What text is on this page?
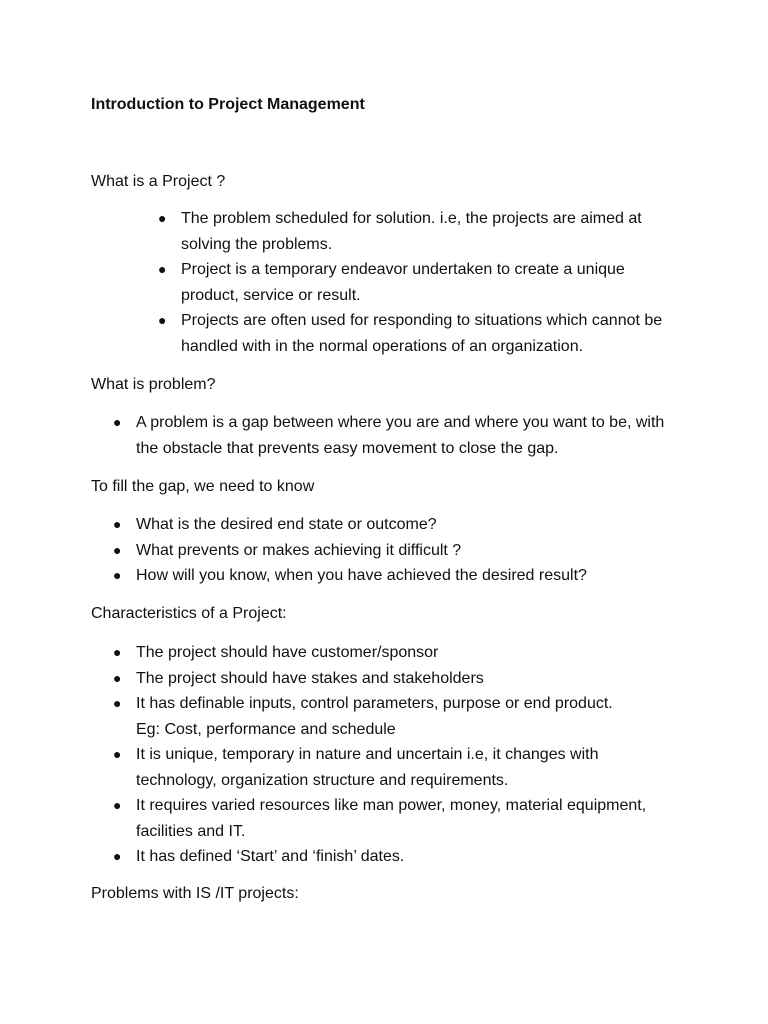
Introduction to Project Management

What is a Project ?

● The problem scheduled for solution. i.e, the projects are aimed at
solving the problems.
● Project is a temporary endeavor undertaken to create a unique
product, service or result.
● Projects are often used for responding to situations which cannot be
handled with in the normal operations of an organization.

What is problem?

● A problem is a gap between where you are and where you want to be, with
the obstacle that prevents easy movement to close the gap.

To fill the gap, we need to know

● What is the desired end state or outcome?
● What prevents or makes achieving it difficult ?
● How will you know, when you have achieved the desired result?

Characteristics of a Project:

● The project should have customer/sponsor
● The project should have stakes and stakeholders
● It has definable inputs, control parameters, purpose or end product.
Eg: Cost, performance and schedule
● It is unique, temporary in nature and uncertain i.e, it changes with
technology, organization structure and requirements.
● It requires varied resources like man power, money, material equipment,
facilities and IT.
● It has defined ‘Start’ and ‘finish’ dates.

Problems with IS /IT projects:
